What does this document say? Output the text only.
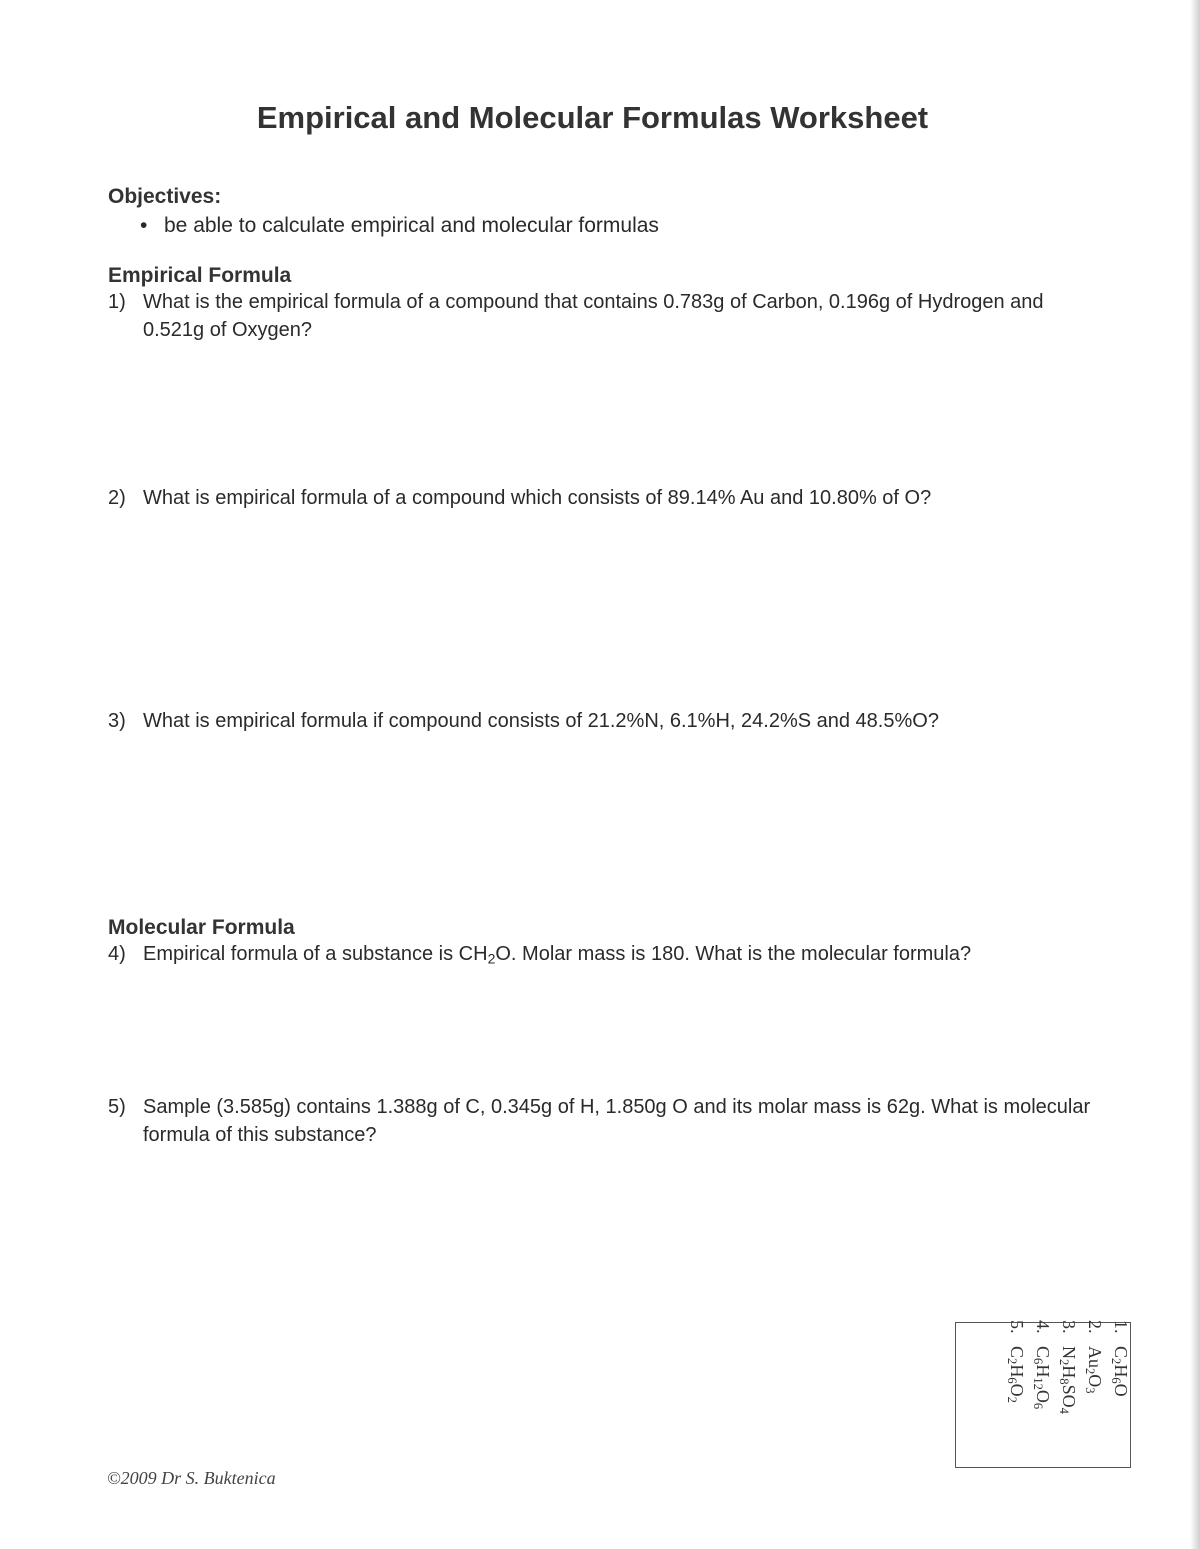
Empirical and Molecular Formulas Worksheet
Objectives:
• be able to calculate empirical and molecular formulas
Empirical Formula
1) What is the empirical formula of a compound that contains 0.783g of Carbon, 0.196g of Hydrogen and 0.521g of Oxygen?
2) What is empirical formula of a compound which consists of 89.14% Au and 10.80% of O?
3) What is empirical formula if compound consists of 21.2%N, 6.1%H, 24.2%S and 48.5%O?
Molecular Formula
4) Empirical formula of a substance is $CH_2O$. Molar mass is 180. What is the molecular formula?
5) Sample (3.585g) contains 1.388g of C, 0.345g of H, 1.850g O and its molar mass is 62g. What is molecular formula of this substance?
$1.C_2H_6O$
$2.Au_2O_3$
$3.N_2H_8SO_4$
$4.C_6H_{12}O_6$
$5.C_2H_6O_2$
©2009 Dr S. Buktenica
